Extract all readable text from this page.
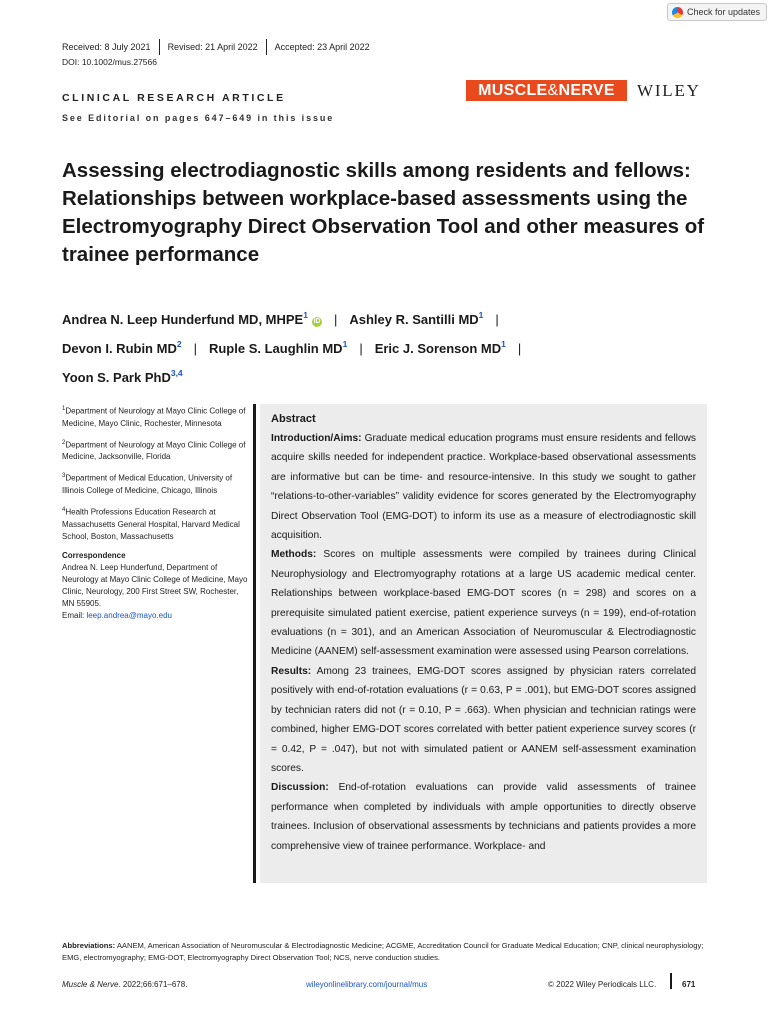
Check for updates
Received: 8 July 2021 Revised: 21 April 2022 Accepted: 23 April 2022
DOI: 10.1002/mus.27566
CLINICAL RESEARCH ARTICLE
See Editorial on pages 647–649 in this issue
MUSCLE&NERVE	WILEY
Assessing electrodiagnostic skills among residents and fellows: Relationships between workplace-based assessments using the Electromyography Direct Observation Tool and other measures of trainee performance
Andrea N. Leep Hunderfund MD, MHPE$^1$iD | Ashley R. Santilli $MD^1$ |
Devon I. Rubin $MD^2$ | Ruple S. Laughlin $MD^1$ | Eric J. Sorenson $MD^1$ |
Yoon S. Park PhD$^{3,4}$

$^1$Department of Neurology at Mayo Clinic College of Medicine, Mayo Clinic, Rochester, Minnesota

$^2$Department of Neurology at Mayo Clinic College of Medicine, Jacksonville, Florida

$^3$Department of Medical Education, University of Illinois College of Medicine, Chicago, Illinois

$^4$Health Professions Education Research at Massachusetts General Hospital, Harvard Medical School, Boston, Massachusetts

Correspondence
Andrea N. Leep Hunderfund, Department of Neurology at Mayo Clinic College of Medicine, Mayo Clinic, Neurology, 200 First Street SW, Rochester, MN 55905.
Email: leep.andrea@mayo.edu
Abstract

Introduction/Aims: Graduate medical education programs must ensure residents and fellows acquire skills needed for independent practice. Workplace-based observational assessments are informative but can be time- and resource-intensive. In this study we sought to gather “relations-to-other-variables” validity evidence for scores generated by the Electromyography Direct Observation Tool (EMG-DOT) to inform its use as a measure of electrodiagnostic skill acquisition.

Methods: Scores on multiple assessments were compiled by trainees during Clinical Neurophysiology and Electromyography rotations at a large US academic medical center. Relationships between workplace-based EMG-DOT scores (n = 298) and scores on a prerequisite simulated patient exercise, patient experience surveys (n = 199), end-of-rotation evaluations (n = 301), and an American Association of Neuromuscular & Electrodiagnostic Medicine (AANEM) self-assessment examination were assessed using Pearson correlations.

Results: Among 23 trainees, EMG-DOT scores assigned by physician raters correlated positively with end-of-rotation evaluations (r = 0.63, P = .001), but EMG-DOT scores assigned by technician raters did not (r = 0.10, P = .663). When physician and technician ratings were combined, higher EMG-DOT scores correlated with better patient experience survey scores (r = 0.42, P = .047), but not with simulated patient or AANEM self-assessment examination scores.

Discussion: End-of-rotation evaluations can provide valid assessments of trainee performance when completed by individuals with ample opportunities to directly observe trainees. Inclusion of observational assessments by technicians and patients provides a more comprehensive view of trainee performance. Workplace- and

Abbreviations: AANEM, American Association of Neuromuscular & Electrodiagnostic Medicine; ACGME, Accreditation Council for Graduate Medical Education; CNP, clinical neurophysiology; EMG, electromyography; EMG-DOT, Electromyography Direct Observation Tool; NCS, nerve conduction studies.
Muscle & Nerve. 2022;66:671–678.	wileyonlinelibrary.com/journal/mus	© 2022 Wiley Periodicals LLC.	671
